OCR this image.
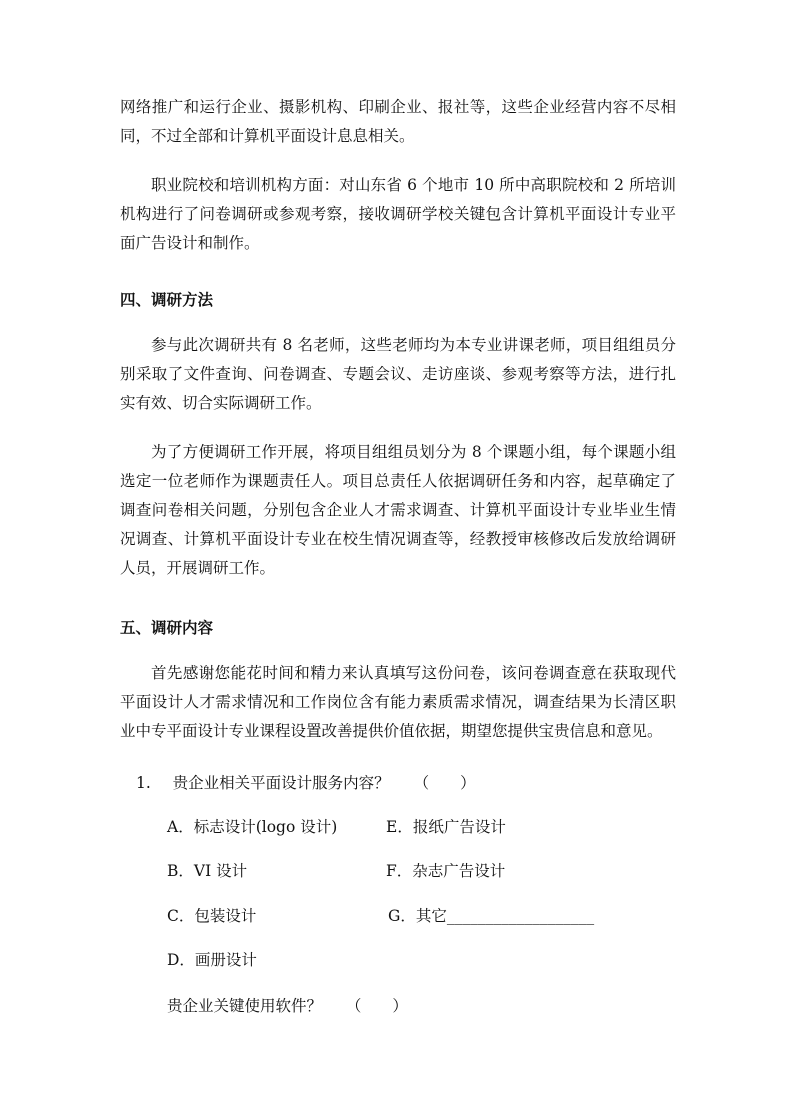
网络推广和运行企业、摄影机构、印刷企业、报社等，这些企业经营内容不尽相同，不过全部和计算机平面设计息息相关。

职业院校和培训机构方面：对山东省 6 个地市 10 所中高职院校和 2 所培训机构进行了问卷调研或参观考察，接收调研学校关键包含计算机平面设计专业平面广告设计和制作。

四、调研方法

参与此次调研共有 8 名老师，这些老师均为本专业讲课老师，项目组组员分别采取了文件查询、问卷调查、专题会议、走访座谈、参观考察等方法，进行扎实有效、切合实际调研工作。

为了方便调研工作开展，将项目组组员划分为 8 个课题小组，每个课题小组选定一位老师作为课题责任人。项目总责任人依据调研任务和内容，起草确定了调查问卷相关问题，分别包含企业人才需求调查、计算机平面设计专业毕业生情况调查、计算机平面设计专业在校生情况调查等，经教授审核修改后发放给调研人员，开展调研工作。

五、调研内容

首先感谢您能花时间和精力来认真填写这份问卷，该问卷调查意在获取现代平面设计人才需求情况和工作岗位含有能力素质需求情况，调查结果为长清区职业中专平面设计专业课程设置改善提供价值依据，期望您提供宝贵信息和意见。

1. 贵企业相关平面设计服务内容？ （　　）
A．标志设计(logo 设计)	E．报纸广告设计
B．VI 设计	F．杂志广告设计
C．包装设计	G．其它___________________
D．画册设计
贵企业关键使用软件？ （　　）
